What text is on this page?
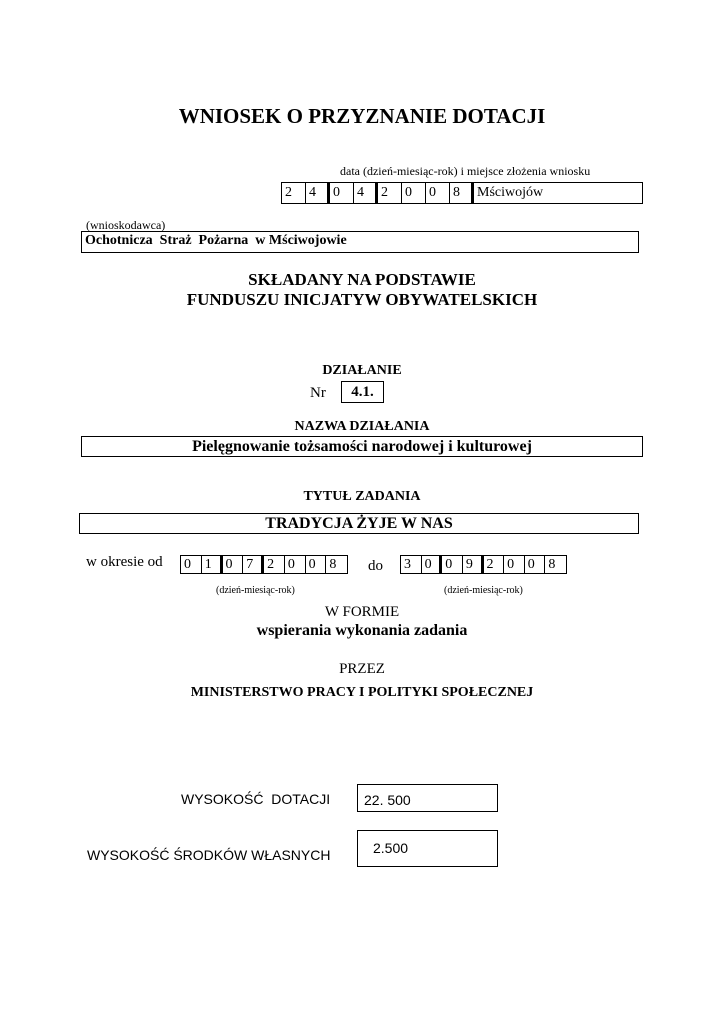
WNIOSEK O PRZYZNANIE DOTACJI
data (dzień-miesiąc-rok) i miejsce złożenia wniosku
2	4	0	4	2	0	0	8	Mściwojów
(wnioskodawca)
Ochotnicza  Straż  Pożarna  w Mściwojowie
SKŁADANY NA PODSTAWIE
FUNDUSZU INICJATYW OBYWATELSKICH
DZIAŁANIE
Nr	4.1.
NAZWA DZIAŁANIA
Pielęgnowanie tożsamości narodowej i kulturowej
TYTUŁ ZADANIA
TRADYCJA ŻYJE W NAS
w okresie od 0 1 0 7 2 0 0 8	do 3 0 0 9 2 0 0 8
(dzień-miesiąc-rok)	(dzień-miesiąc-rok)
W FORMIE
wspierania wykonania zadania
PRZEZ
MINISTERSTWO PRACY I POLITYKI SPOŁECZNEJ
WYSOKOŚĆ  DOTACJI 22. 500
WYSOKOŚĆ ŚRODKÓW WŁASNYCH	2.500
